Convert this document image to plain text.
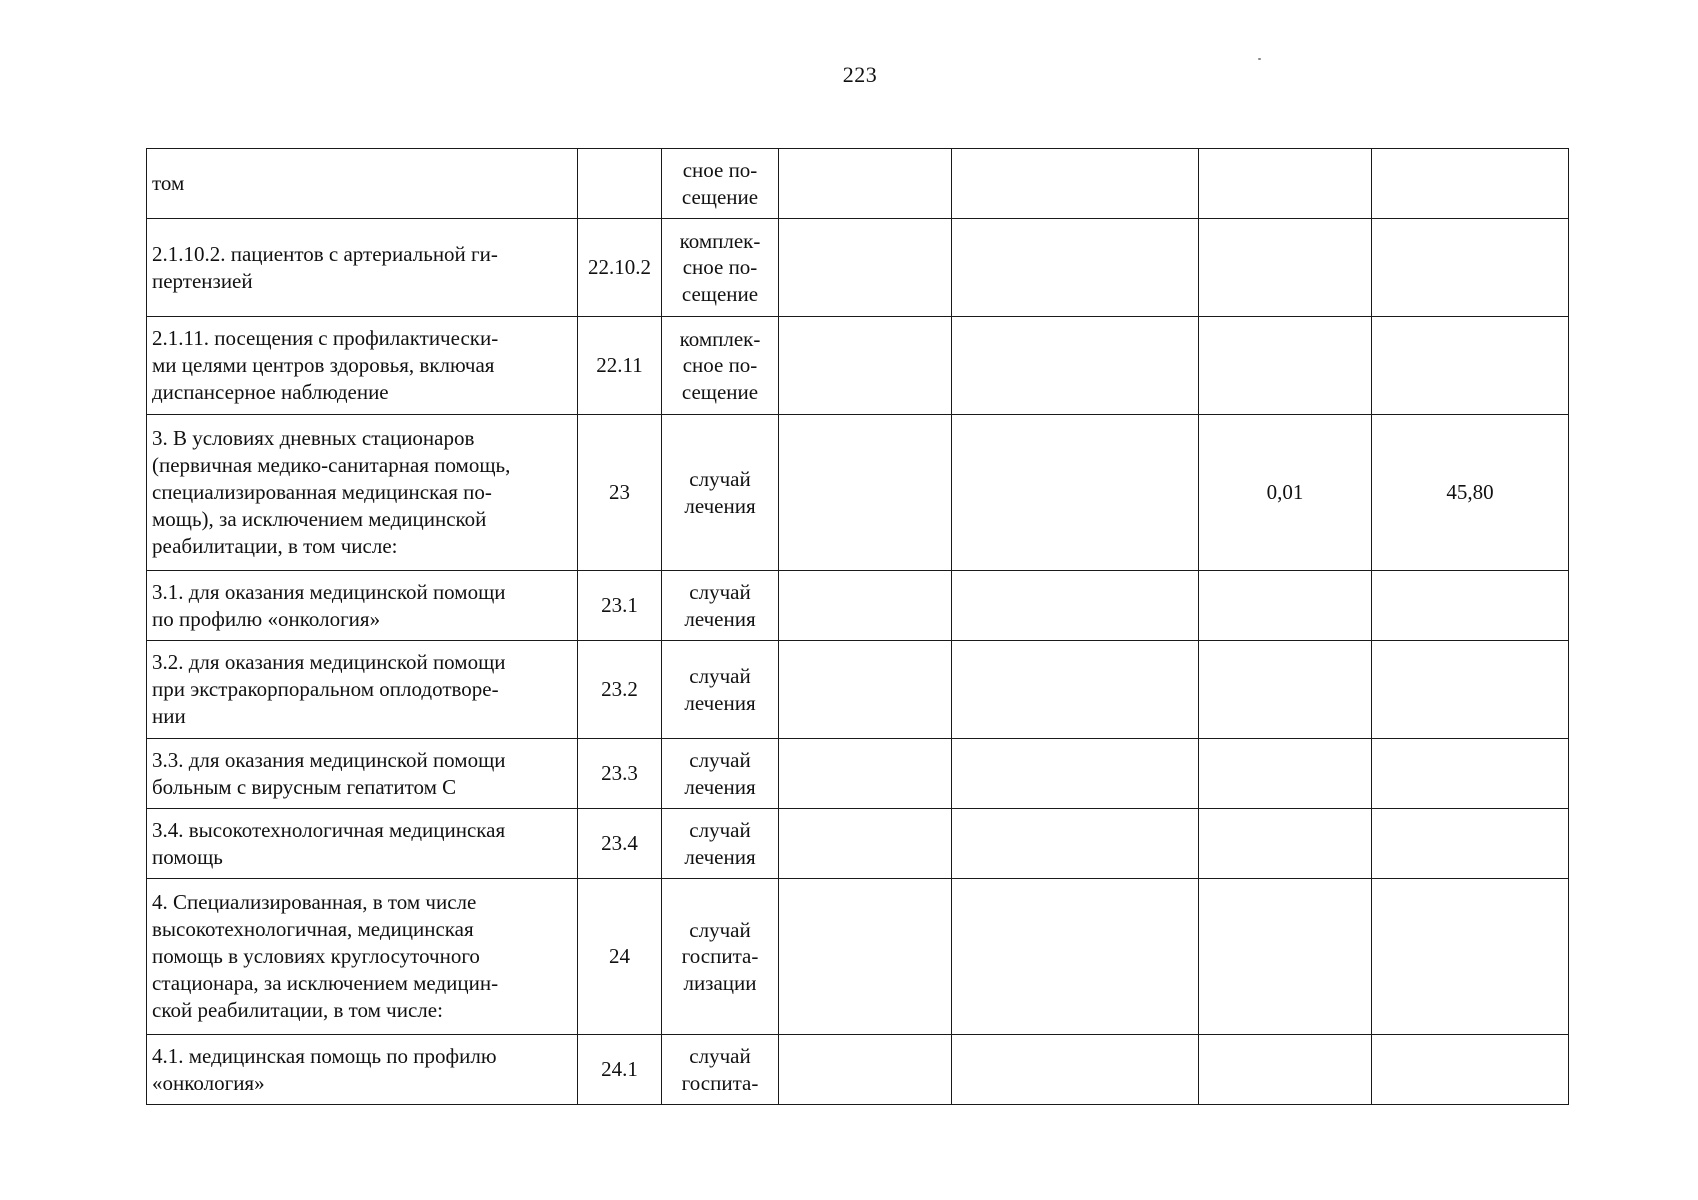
223
том		сное по-
сещение				
2.1.10.2. пациентов с артериальной ги-
пертензией	22.10.2	комплек-
сное по-
сещение				
2.1.11. посещения с профилактически-
ми целями центров здоровья, включая
диспансерное наблюдение	22.11	комплек-
сное по-
сещение				
3. В условиях дневных стационаров
(первичная медико-санитарная помощь,
специализированная медицинская по-
мощь), за исключением медицинской
реабилитации, в том числе:	23	случай
лечения			0,01	45,80
3.1. для оказания медицинской помощи
по профилю «онкология»	23.1	случай
лечения				
3.2. для оказания медицинской помощи
при экстракорпоральном оплодотворе-
нии	23.2	случай
лечения				
3.3. для оказания медицинской помощи
больным с вирусным гепатитом С	23.3	случай
лечения				
3.4. высокотехнологичная медицинская
помощь	23.4	случай
лечения				
4. Специализированная, в том числе
высокотехнологичная, медицинская
помощь в условиях круглосуточного
стационара, за исключением медицин-
ской реабилитации, в том числе:	24	случай
госпита-
лизации				
4.1. медицинская помощь по профилю
«онкология»	24.1	случай
госпита-				
